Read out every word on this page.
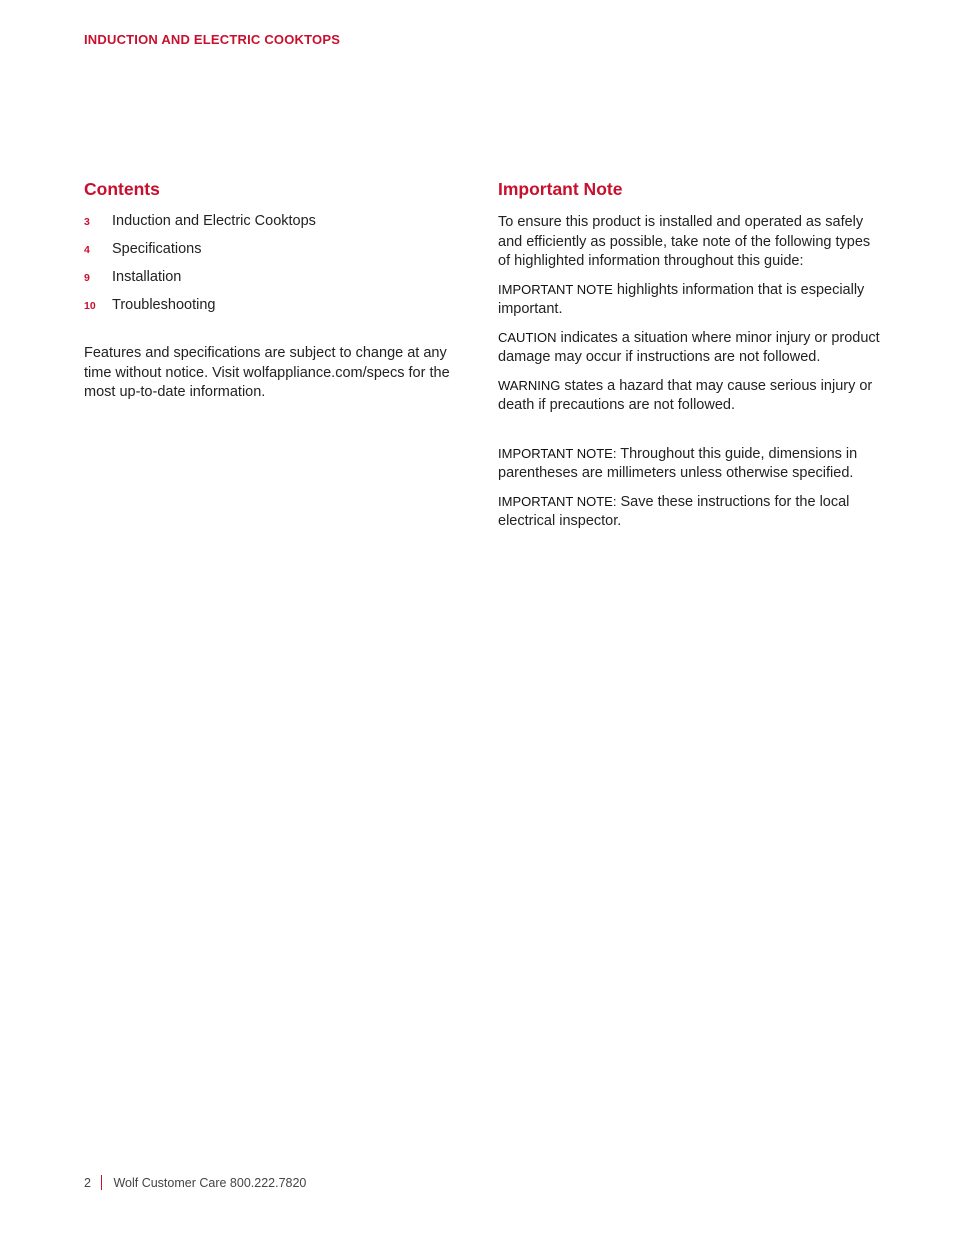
INDUCTION AND ELECTRIC COOKTOPS
Contents
3	Induction and Electric Cooktops
4	Specifications
9	Installation
10	Troubleshooting

Features and specifications are subject to change at any time without notice. Visit wolfappliance.com/specs for the most up-to-date information.

Important Note

To ensure this product is installed and operated as safely and efficiently as possible, take note of the following types of highlighted information throughout this guide:

IMPORTANT NOTE highlights information that is especially important.

CAUTION indicates a situation where minor injury or product damage may occur if instructions are not followed.

WARNING states a hazard that may cause serious injury or death if precautions are not followed.

IMPORTANT NOTE: Throughout this guide, dimensions in parentheses are millimeters unless otherwise specified.

IMPORTANT NOTE: Save these instructions for the local electrical inspector.

2 Wolf Customer Care 800.222.7820
